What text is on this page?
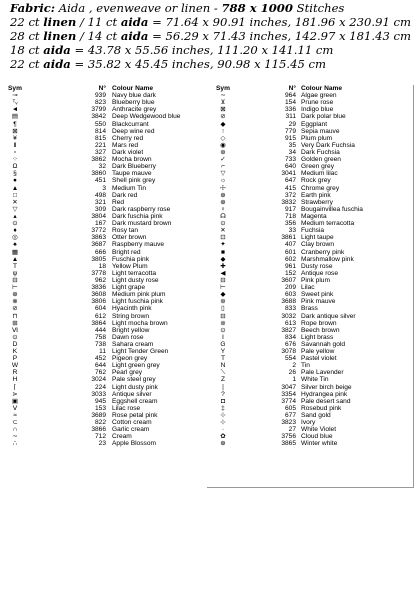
Fabric: Aida , evenweave or linen - 788 x 1000 Stitches
22 ct linen / 11 ct aida = 71.64 x 90.91 inches, 181.96 x 230.91 cm
28 ct linen / 14 ct aida = 56.29 x 71.43 inches, 142.97 x 181.43 cm
18 ct aida = 43.78 x 55.56 inches, 111.20 x 141.11 cm
22 ct aida = 35.82 x 45.45 inches, 90.98 x 115.45 cm
Sym	N° Colour Name
⊸	939 Navy blue dark
ᵀᵥ	823 Blueberry blue
◄	3799 Anthracite grey
▤	3842 Deep Wedgewood blue
¶	550 Blackcurrant
⊠	814 Deep wine red
¥	815 Cherry red
Ⅱ	221 Mars red
▫	327 Dark violet
⁘	3862 Mocha brown
Ω	32 Dark Blueberry
§	3860 Taupe mauve
●	451 Shell pink grey
▲	3 Medium Tin
□	498 Dark red
✕	321 Red
▽	309 Dark raspberry rose
▴	3804 Dark fuschia pink
⊙	167 Dark mustard brown
♦	3772 Rosy tan
◎	3863 Otter brown
♠	3687 Raspberry mauve
▦	666 Bright red
▲	3805 Fuschia pink
T	18 Yellow Plum
ψ	3778 Light terracotta
⊟	962 Light dusty rose
⊢	3836 Light grape
⊕	3608 Medium pink plum
⊗	3806 Light fuschia pink
⊘	604 Hyacinth pink
⊓	612 String brown
⊞	3864 Light mocha brown
Ⅵ	444 Bright yellow
⊙	758 Dawn rose
D	738 Sahara cream
K	11 Light Tender Green
P	452 Pigeon grey
W	644 Light green grey
R	762 Pearl grey
H	3024 Pale steel grey
⌈	224 Light dusty pink
⋗	3033 Antique silver
▣	945 Eggshell cream
Ⅴ	153 Lilac rose
≈	3689 Rose petal pink
⊂	822 Cotton cream
∩	3866 Garlic cream
∼	712 Cream
∴	23 Apple Blossom
Sym	N° Colour Name
∼	964 Algae green
⊻	154 Prune rose
⊠	336 Indigo blue
⊘	311 Dark polar blue
◆	29 Eggplant
↑	779 Sepia mauve
◇	915 Plum plum
◉	35 Very Dark Fuchsia
⊛	34 Dark Fuchsia
✓	733 Golden green
⌐	640 Green grey
▽	3041 Medium lilac
☼	647 Rock grey
☩	415 Chrome grey
⊕	372 Earth pink
⊕	3832 Strawberry
♀	917 Bougainvillea fuschia
☊	718 Magenta
⊙	356 Medium terracotta
✕	33 Fuchsia
⊡	3861 Light taupe
✦	407 Clay brown
■	601 Cranberry pink
◆	602 Marshmallow pink
✚	961 Dusty rose
◀	152 Antique rose
⊟	3607 Pink plum
⊢	209 Lilac
◆	603 Sweet pink
⊛	3688 Pink mauve
▯	833 Brass
⊟	3032 Dark antique silver
⊚	613 Rope brown
⊙	3827 Beech brown
Ⅰ	834 Light brass
G	676 Savannah gold
Y	3078 Pale yellow
T	554 Pastel violet
N	2 Tin
⟍	26 Pale Lavender
Z	1 White Tin
∣	3047 Silver birch beige
?	3354 Hydrangea pink
◘	3774 Pale desert sand
‡	605 Rosebud pink
⊹	677 Sand gold
⊹	3823 Ivory
∙	27 White Violet
✿	3756 Cloud blue
⊕	3865 Winter white
